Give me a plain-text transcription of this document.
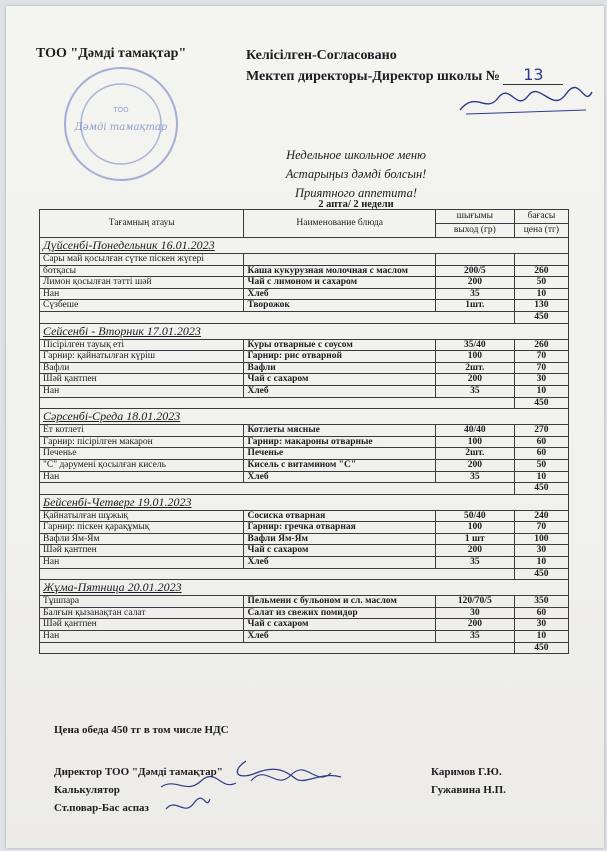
ТОО "Дәмді тамақтар"	Келісілген-Согласовано
Мектеп директоры-Директор школы № 13
ТОО
Дәмді тамақтар
Недельное школьное меню
Астарыңыз дәмді болсын!
Приятного аппетита!
2 апта/ 2 недели
Тағамның атауы	Наименование блюда	шығымы	бағасы
		выход (гр)	цена (тг)
Дүйсенбі-Понедельник 16.01.2023			
Сары май қосылған сүтке піскен жүгері			
ботқасы	Каша кукурузная молочная с маслом	200/5	260
Лимон қосылған тәтті шәй	Чай с лимоном и сахаром	200	50
Нан	Хлеб	35	10
Сүзбеше	Творожок	1шт.	130
			450
Сейсенбі - Вторник 17.01.2023			
Пісірілген тауық еті	Куры отварные с соусом	35/40	260
Гарнир: қайнатылған күріш	Гарнир: рис отварной	100	70
Вафли	Вафли	2шт.	70
Шәй қантпен	Чай с сахаром	200	30
Нан	Хлеб	35	10
			450
Сәрсенбі-Среда 18.01.2023			
Ет котлеті	Котлеты мясные	40/40	270
Гарнир: пісірілген макарон	Гарнир: макароны отварные	100	60
Печенье	Печенье	2шт.	60
"С" дәрумені қосылған кисель	Кисель с витамином "С"	200	50
Нан	Хлеб	35	10
			450
Бейсенбі-Четверг 19.01.2023			
Қайнатылған шұжық	Сосиска отварная	50/40	240
Гарнир: піскен қарақұмық	Гарнир: гречка отварная	100	70
Вафли Ям-Ям	Вафли Ям-Ям	1 шт	100
Шәй қантпен	Чай с сахаром	200	30
Нан	Хлеб	35	10
			450
Жұма-Пятница 20.01.2023			
Тұшпара	Пельмени с бульоном и сл. маслом	120/70/5	350
Балғын қызанақтан салат	Салат из свежих помидор	30	60
Шәй қантпен	Чай с сахаром	200	30
Нан	Хлеб	35	10
			450
Цена обеда 450 тг в том числе НДС
Директор ТОО "Дәмді тамақтар"
Калькулятор
Ст.повар-Бас аспаз
Каримов Г.Ю.
Гужавина Н.П.
